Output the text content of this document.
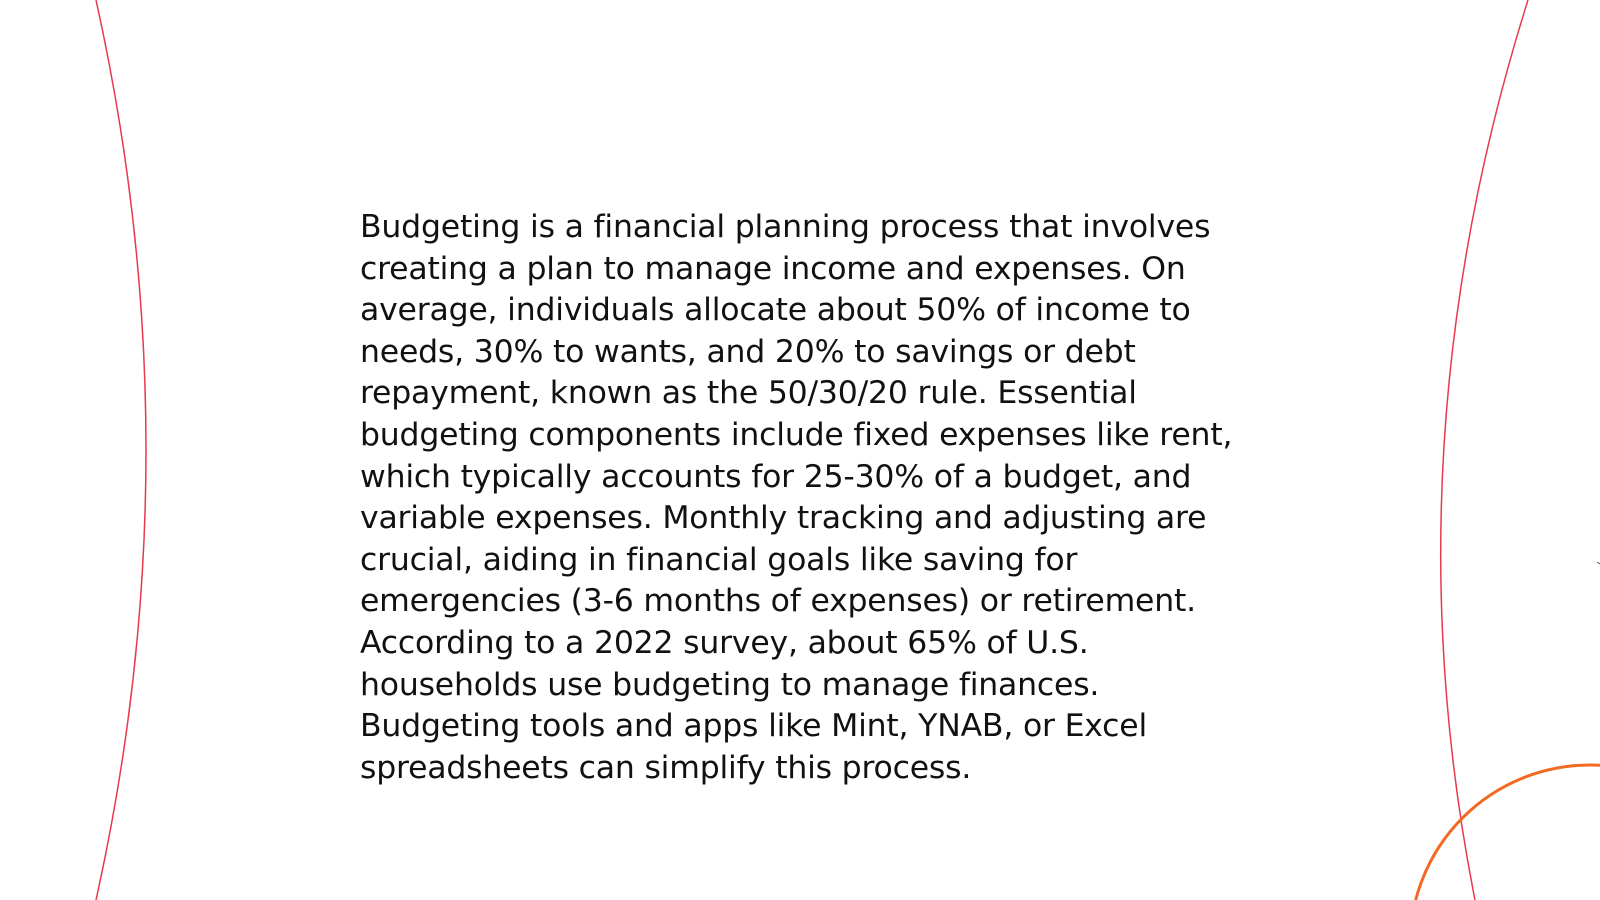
Budgeting is a financial planning process that involves creating a plan to manage income and expenses. On average, individuals allocate about 50% of income to needs, 30% to wants, and 20% to savings or debt repayment, known as the 50/30/20 rule. Essential budgeting components include fixed expenses like rent, which typically accounts for 25-30% of a budget, and variable expenses. Monthly tracking and adjusting are crucial, aiding in financial goals like saving for emergencies (3-6 months of expenses) or retirement. According to a 2022 survey, about 65% of U.S. households use budgeting to manage finances. Budgeting tools and apps like Mint, YNAB, or Excel spreadsheets can simplify this process.
